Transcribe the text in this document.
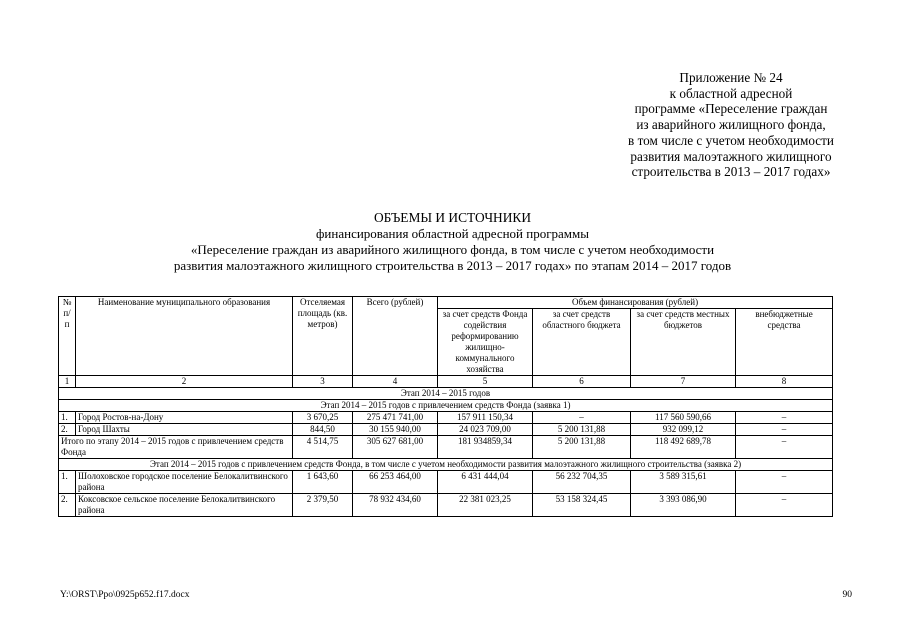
Приложение № 24
к областной адресной
программе «Переселение граждан
из аварийного жилищного фонда,
в том числе с учетом необходимости
развития малоэтажного жилищного
строительства в 2013 – 2017 годах»
ОБЪЕМЫ И ИСТОЧНИКИ
финансирования областной адресной программы
«Переселение граждан из аварийного жилищного фонда, в том числе с учетом необходимости
развития малоэтажного жилищного строительства в 2013 – 2017 годах» по этапам 2014 – 2017 годов
№ п/п	Наименование муниципального образования	Отселяемая площадь (кв. метров)	Всего (рублей)	Объем финансирования (рублей)			
				за счет средств Фонда содействия реформированию жилищно-коммунального хозяйства	за счет средств областного бюджета	за счет средств местных бюджетов	внебюджетные средства
1	2	3	4	5	6	7	8
Этап 2014 – 2015 годов							
Этап 2014 – 2015 годов с привлечением средств Фонда (заявка 1)							
1.	Город Ростов-на-Дону	3 670,25	275 471 741,00	157 911 150,34	–	117 560 590,66	–
2.	Город Шахты	844,50	30 155 940,00	24 023 709,00	5 200 131,88	932 099,12	–
Итого по этапу 2014 – 2015 годов с привлечением средств Фонда		4 514,75	305 627 681,00	181 934859,34	5 200 131,88	118 492 689,78	–
Этап 2014 – 2015 годов с привлечением средств Фонда, в том числе с учетом необходимости развития малоэтажного жилищного строительства (заявка 2)							
1.	Шолоховское городское поселение Белокалитвинского района	1 643,60	66 253 464,00	6 431 444,04	56 232 704,35	3 589 315,61	–
2.	Коксовское сельское поселение Белокалитвинского района	2 379,50	78 932 434,60	22 381 023,25	53 158 324,45	3 393 086,90	–
Y:\ORST\Ppo\0925p652.f17.docx	90
